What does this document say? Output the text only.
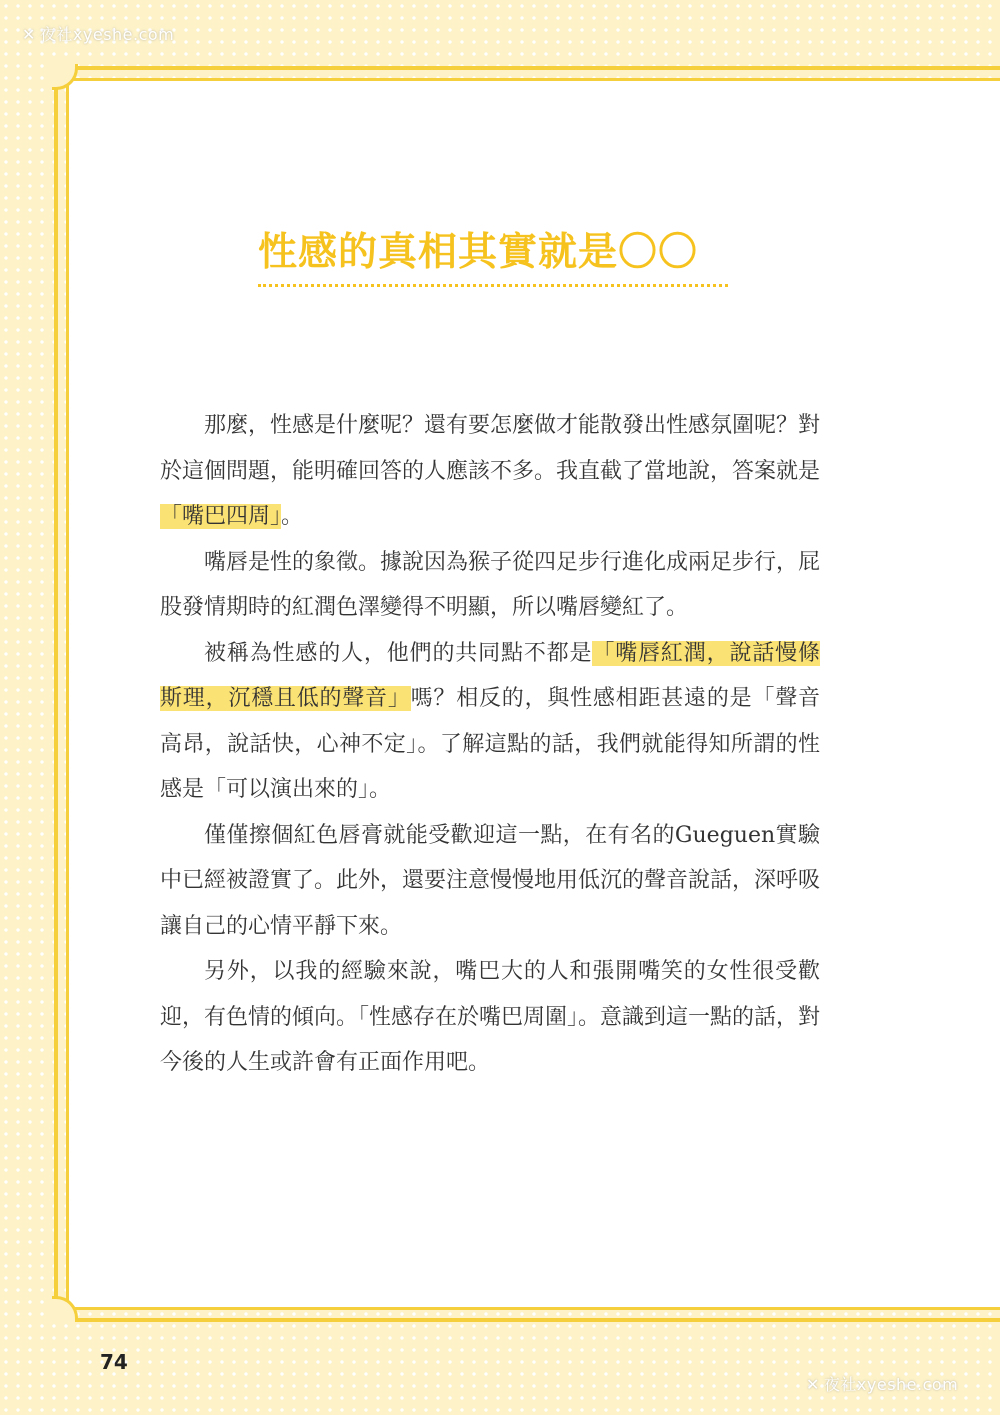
✕ 夜社xyeshe.com
性感的真相其實就是〇〇

那麼，性感是什麼呢？還有要怎麼做才能散發出性感氛圍呢？對於這個問題，能明確回答的人應該不多。我直截了當地說，答案就是「嘴巴四周」。

嘴唇是性的象徵。據說因為猴子從四足步行進化成兩足步行，屁股發情期時的紅潤色澤變得不明顯，所以嘴唇變紅了。

被稱為性感的人，他們的共同點不都是「嘴唇紅潤，說話慢條斯理，沉穩且低的聲音」嗎？相反的，與性感相距甚遠的是「聲音高昂，說話快，心神不定」。了解這點的話，我們就能得知所謂的性感是「可以演出來的」。

僅僅擦個紅色唇膏就能受歡迎這一點，在有名的Gueguen實驗中已經被證實了。此外，還要注意慢慢地用低沉的聲音說話，深呼吸讓自己的心情平靜下來。

另外，以我的經驗來說，嘴巴大的人和張開嘴笑的女性很受歡迎，有色情的傾向。「性感存在於嘴巴周圍」。意識到這一點的話，對今後的人生或許會有正面作用吧。

74
✕ 夜社xyeshe.com
